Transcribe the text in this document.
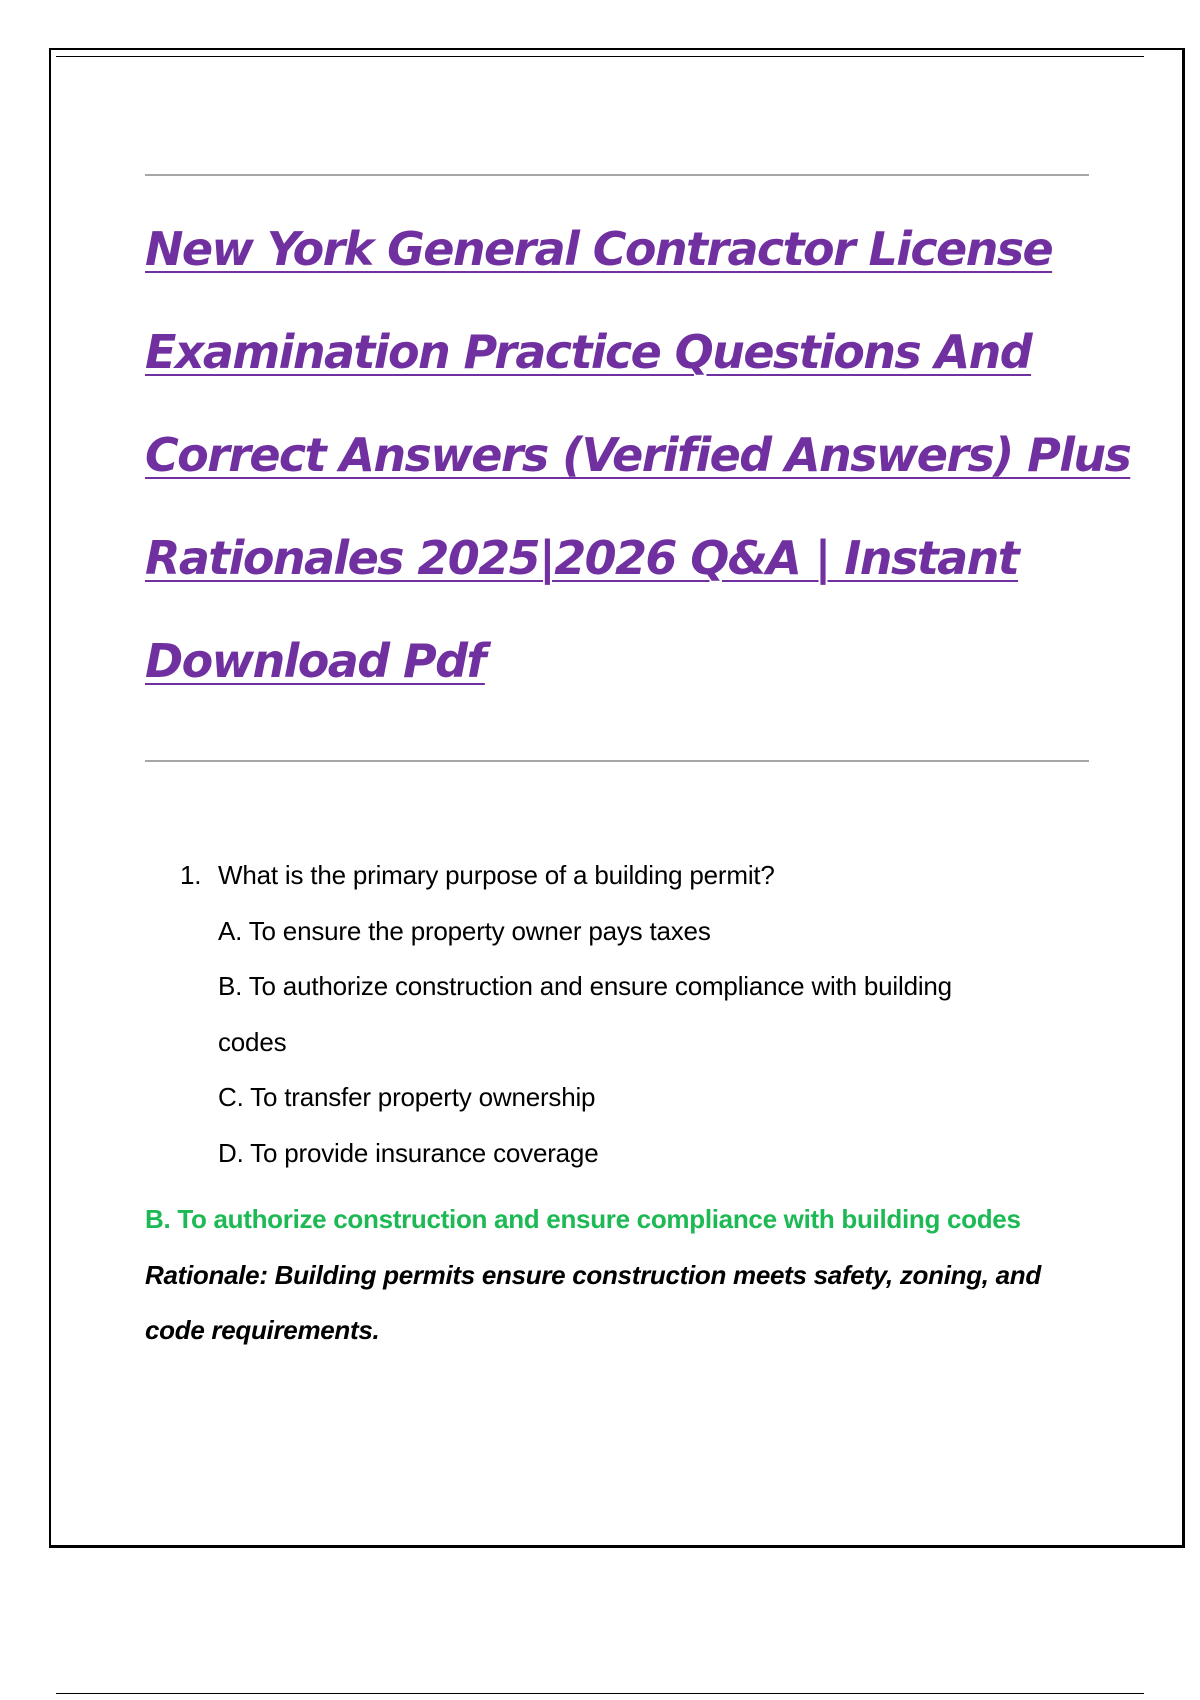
New York General Contractor License
Examination Practice Questions And
Correct Answers (Verified Answers) Plus
Rationales 2025|2026 Q&A | Instant
Download Pdf
1. What is the primary purpose of a building permit?
A. To ensure the property owner pays taxes
B. To authorize construction and ensure compliance with building
codes
C. To transfer property ownership
D. To provide insurance coverage
B. To authorize construction and ensure compliance with building codes
Rationale: Building permits ensure construction meets safety, zoning, and
code requirements.
